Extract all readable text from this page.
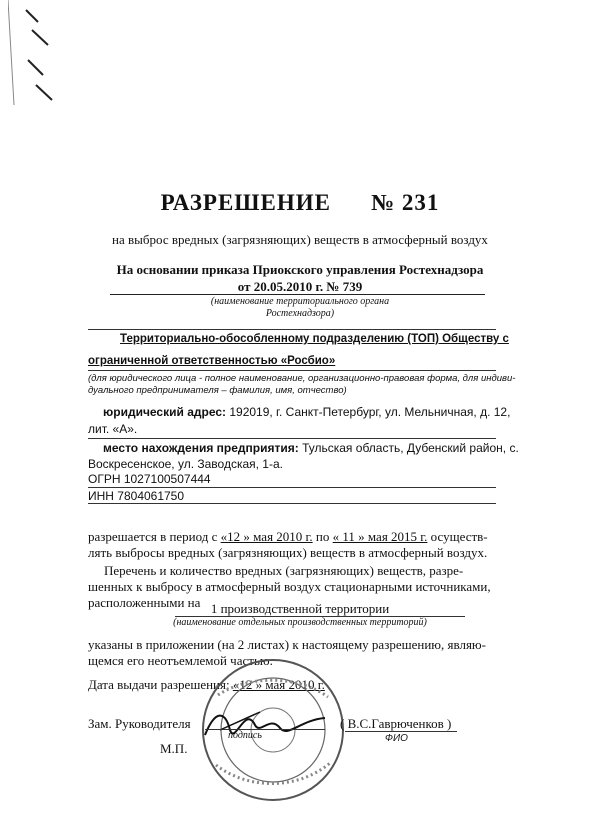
РАЗРЕШЕНИЕ № 231
на выброс вредных (загрязняющих) веществ в атмосферный воздух
На основании приказа Приокского управления Ростехнадзора
от 20.05.2010 г. № 739
(наименование территориального органа
Ростехнадзора)
Территориально-обособленному подразделению (ТОП) Обществу с
ограниченной ответственностью «Росбио»
(для юридического лица - полное наименование, организационно-правовая форма, для индиви-
дуального предпринимателя – фамилия, имя, отчество)
юридический адрес: 192019, г. Санкт-Петербург, ул. Мельничная, д. 12,
лит. «А».
место нахождения предприятия: Тульская область, Дубенский район, с.
Воскресенское, ул. Заводская, 1-а.
ОГРН 1027100507444
ИНН 7804061750
разрешается в период с «12 » мая 2010 г. по « 11 » мая 2015 г. осуществ-
лять выбросы вредных (загрязняющих) веществ в атмосферный воздух.
Перечень и количество вредных (загрязняющих) веществ, разре-
шенных к выбросу в атмосферный воздух стационарными источниками,
расположенными на 1 производственной территории
(наименование отдельных производственных территорий)
указаны в приложении (на 2 листах) к настоящему разрешению, являю-
щемся его неотъемлемой частью.
Дата выдачи разрешения: «12 » мая 2010 г.
Зам. Руководителя
подпись
( В.С.Гаврюченков )
ФИО
М.П.
